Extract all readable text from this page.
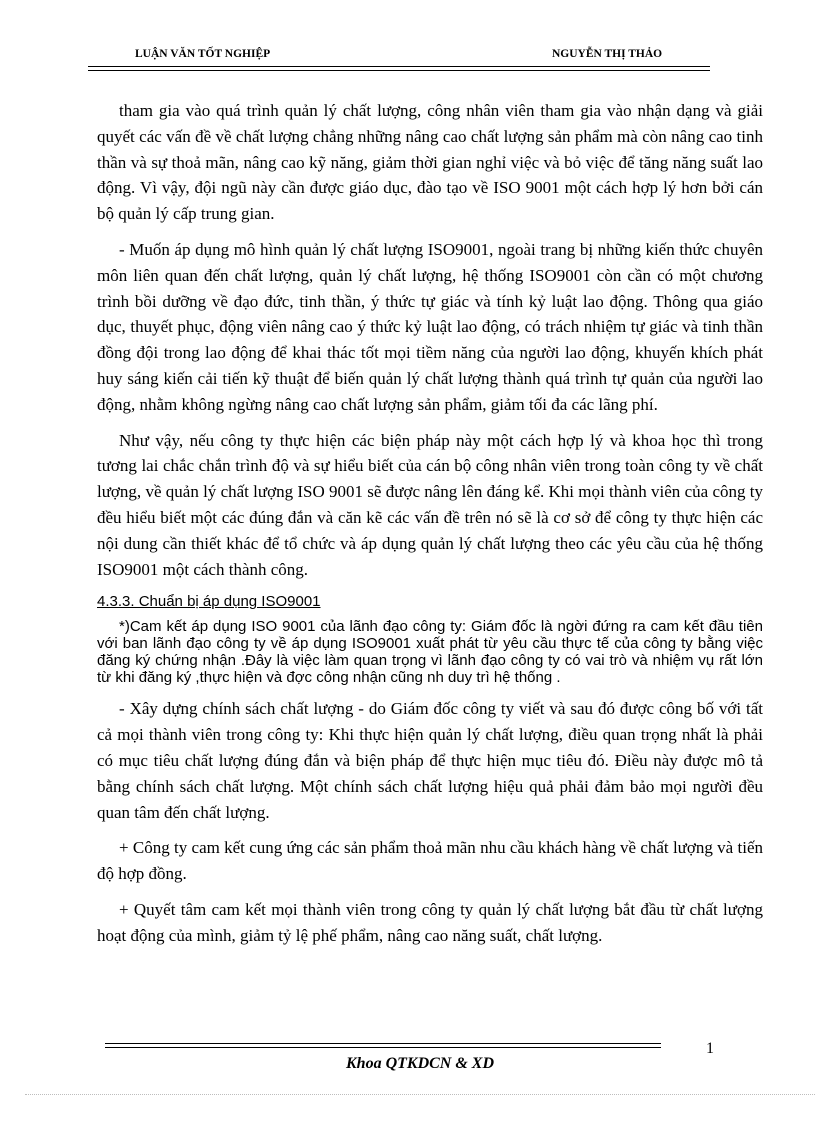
LUẬN VĂN TỐT NGHIỆP	NGUYỄN THỊ THẢO

tham gia vào quá trình quản lý chất lượng, công nhân viên tham gia vào nhận dạng và giải quyết các vấn đề về chất lượng chẳng những nâng cao chất lượng sản phẩm mà còn nâng cao tinh thần và sự thoả mãn, nâng cao kỹ năng, giảm thời gian nghỉ việc và bỏ việc để tăng năng suất lao động. Vì vậy, đội ngũ này cần được giáo dục, đào tạo về ISO 9001 một cách hợp lý hơn bởi cán bộ quản lý cấp trung gian.

- Muốn áp dụng mô hình quản lý chất lượng ISO9001, ngoài trang bị những kiến thức chuyên môn liên quan đến chất lượng, quản lý chất lượng, hệ thống ISO9001 còn cần có một chương trình bồi dưỡng về đạo đức, tinh thần, ý thức tự giác và tính kỷ luật lao động. Thông qua giáo dục, thuyết phục, động viên nâng cao ý thức kỷ luật lao động, có trách nhiệm tự giác và tinh thần đồng đội trong lao động để khai thác tốt mọi tiềm năng của người lao động, khuyến khích phát huy sáng kiến cải tiến kỹ thuật để biến quản lý chất lượng thành quá trình tự quản của người lao động, nhằm không ngừng nâng cao chất lượng sản phẩm, giảm tối đa các lãng phí.

Như vậy, nếu công ty thực hiện các biện pháp này một cách hợp lý và khoa học thì trong tương lai chắc chắn trình độ và sự hiểu biết của cán bộ công nhân viên trong toàn công ty về chất lượng, về quản lý chất lượng ISO 9001 sẽ được nâng lên đáng kể. Khi mọi thành viên của công ty đều hiểu biết một các đúng đắn và căn kẽ các vấn đề trên nó sẽ là cơ sở để công ty thực hiện các nội dung cần thiết khác để tổ chức và áp dụng quản lý chất lượng theo các yêu cầu của hệ thống ISO9001 một cách thành công.

4.3.3. Chuẩn bị áp dụng ISO9001

*)Cam kết áp dụng ISO 9001 của lãnh đạo công ty: Giám đốc là ngời đứng ra cam kết đầu tiên với ban lãnh đạo công ty về áp dụng ISO9001 xuất phát từ yêu cầu thực tế của công ty bằng việc đăng ký chứng nhận .Đây là việc làm quan trọng vì lãnh đạo công ty có vai trò và nhiệm vụ rất lớn từ khi đăng ký ,thực hiện và đợc công nhận cũng nh duy trì hệ thống .

- Xây dựng chính sách chất lượng - do Giám đốc công ty viết và sau đó được công bố với tất cả mọi thành viên trong công ty: Khi thực hiện quản lý chất lượng, điều quan trọng nhất là phải có mục tiêu chất lượng đúng đắn và biện pháp để thực hiện mục tiêu đó. Điều này được mô tả bằng chính sách chất lượng. Một chính sách chất lượng hiệu quả phải đảm bảo mọi người đều quan tâm đến chất lượng.

+ Công ty cam kết cung ứng các sản phẩm thoả mãn nhu cầu khách hàng về chất lượng và tiến độ hợp đồng.

+ Quyết tâm cam kết mọi thành viên trong công ty quản lý chất lượng bắt đầu từ chất lượng hoạt động của mình, giảm tỷ lệ phế phẩm, nâng cao năng suất, chất lượng.

1
Khoa QTKDCN & XD
